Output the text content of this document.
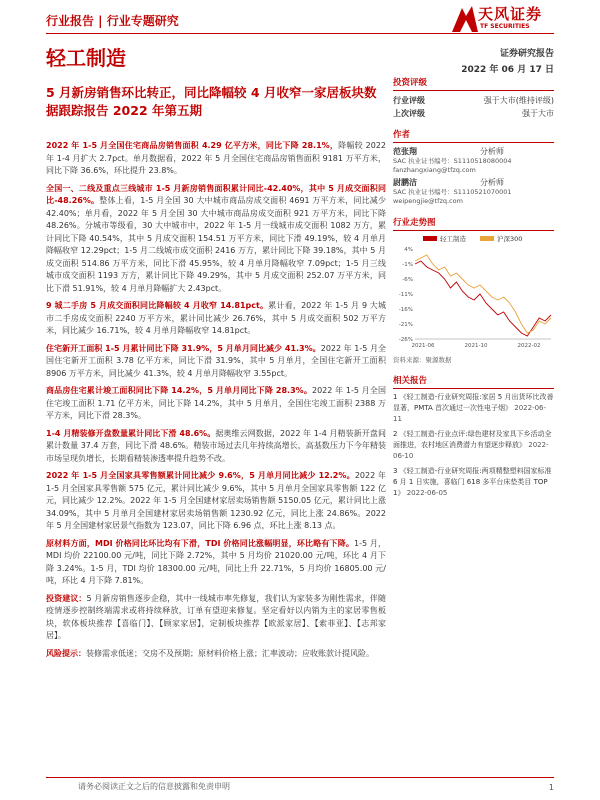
行业报告 | 行业专题研究	天风证券
TF SECURITIES
轻工制造	证券研究报告
2022 年 06 月 17 日
5 月新房销售环比转正，同比降幅较 4 月收窄一家居板块数据跟踪报告 2022 年第五期

2022 年 1-5 月全国住宅商品房销售面积 4.29 亿平方米，同比下降 28.1%，降幅较 2022 年 1-4 月扩大 2.7pct。单月数据看，2022 年 5 月全国住宅商品房销售面积 9181 万平方米，同比下降 36.6%，环比提升 23.8%。

全国一、二线及重点三线城市 1-5 月新房销售面积累计同比-42.40%，其中 5 月成交面积同比-48.26%。整体上看，1-5 月全国 30 大中城市商品房成交面积 4691 万平方米，同比减少 42.40%；单月看，2022 年 5 月全国 30 大中城市商品房成交面积 921 万平方米，同比下降 48.26%。分城市等级看，30 大中城市中，2022 年 1-5 月一线城市成交面积 1082 万方，累计同比下降 40.54%，其中 5 月成交面积 154.51 万平方米，同比下滑 49.19%，较 4 月单月降幅收窄 12.29pct；1-5 月二线城市成交面积 2416 万方，累计同比下降 39.18%，其中 5 月成交面积 514.86 万平方米，同比下滑 45.95%，较 4 月单月降幅收窄 7.09pct；1-5 月三线城市成交面积 1193 万方，累计同比下降 49.29%，其中 5 月成交面积 252.07 万平方米，同比下滑 51.91%，较 4 月单月降幅扩大 2.43pct。

9 城二手房 5 月成交面积同比降幅较 4 月收窄 14.81pct。累计看，2022 年 1-5 月 9 大城市二手房成交面积 2240 万平方米，累计同比减少 26.76%，其中 5 月成交面积 502 万平方米，同比减少 16.71%，较 4 月单月降幅收窄 14.81pct。

住宅新开工面积 1-5 月累计同比下降 31.9%，5 月单月同比减少 41.3%。2022 年 1-5 月全国住宅新开工面积 3.78 亿平方米，同比下滑 31.9%，其中 5 月单月，全国住宅新开工面积 8906 万平方米，同比减少 41.3%，较 4 月单月降幅收窄 3.55pct。

商品房住宅累计竣工面积同比下降 14.2%，5 月单月同比下降 28.3%。2022 年 1-5 月全国住宅竣工面积 1.71 亿平方米，同比下降 14.2%，其中 5 月单月，全国住宅竣工面积 2388 万平方米，同比下滑 28.3%。

1-4 月精装修开盘数量累计同比下滑 48.6%。据奥维云网数据，2022 年 1-4 月精装新开盘间累计数量 37.4 万套，同比下滑 48.6%。精装市场过去几年持续高增长，高基数压力下今年精装市场呈现负增长，长期看精装渗透率提升趋势不改。

2022 年 1-5 月全国家具零售额累计同比减少 9.6%，5 月单月同比减少 12.2%。2022 年 1-5 月全国家具零售额 575 亿元，累计同比减少 9.6%，其中 5 月单月全国家具零售额 122 亿元，同比减少 12.2%。2022 年 1-5 月全国建材家居卖场销售额 5150.05 亿元，累计同比上涨 34.09%，其中 5 月单月全国建材家居卖场销售额 1230.92 亿元，同比上涨 24.86%。2022 年 5 月全国建材家居景气指数为 123.07，同比下降 6.96 点，环比上涨 8.13 点。

原材料方面，MDI 价格同比环比均有下滑，TDI 价格同比涨幅明显，环比略有下降。1-5 月，MDI 均价 22100.00 元/吨，同比下降 2.72%，其中 5 月均价 21020.00 元/吨，环比 4 月下降 3.24%。1-5 月，TDI 均价 18300.00 元/吨，同比上升 22.71%，5 月均价 16805.00 元/吨，环比 4 月下降 7.81%。

投资建议：5 月新房销售逐步企稳，其中一线城市率先修复，我们认为家装多为刚性需求，伴随疫情逐步控制终端需求或将持续释放，订单有望迎来修复。坚定看好以内销为主的家居零售板块，软体板块推荐【喜临门】、【顾家家居】，定制板块推荐【欧派家居】、【索菲亚】、【志邦家居】。

风险提示：装修需求低迷；交房不及预期；原材料价格上涨；汇率波动；应收账款计提风险。

投资评级
行业评级	强于大市(维持评级)
上次评级	强于大市
作者
范张翔	分析师
SAC 执业证书编号：S1110518080004
fanzhangxiang@tfzq.com
尉鹏洁	分析师
SAC 执业证书编号：S1110521070001
weipengjie@tfzq.com
行业走势图
轻工制造	沪深300
4%
-1%
-6%
-11%
-16%
-21%
-26%
2021-06	2021-10	2022-02
资料来源：聚源数据
相关报告
1 《轻工制造-行业研究周报:家居 5 月出货环比改善显著，PMTA 首次通过一次性电子烟》 2022-06-11
2 《轻工制造-行业点评:绿色建材及家具下乡活动全面推进，农村地区消费潜力有望逐步释放》 2022-06-10
3 《轻工制造-行业研究周报:两项精整塑料国家标准 6 月 1 日实施，喜临门 618 多平台床垫类目 TOP 1》 2022-06-05
请务必阅读正文之后的信息披露和免责申明	1
